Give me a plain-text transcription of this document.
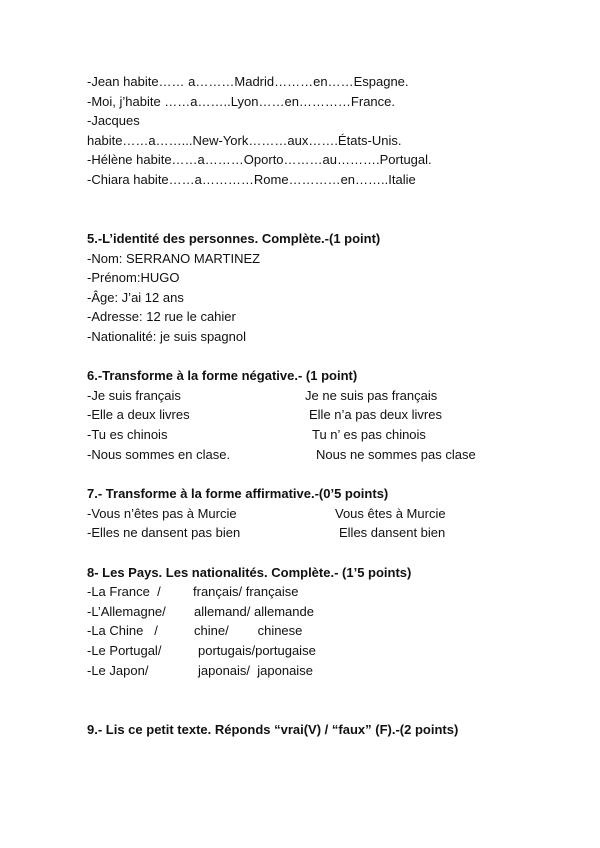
-Jean habite…… a………Madrid………en……Espagne.
-Moi, j’habite ……a……..Lyon……en…………France.
-Jacques
habite……a……...New-York………aux…….États-Unis.
-Hélène habite……a………Oporto………au……….Portugal.
-Chiara habite……a…………Rome…………en……..Italie
5.-L’identité des personnes. Complète.-(1 point)
-Nom: SERRANO MARTINEZ
-Prénom:HUGO
-Âge: J’ai 12 ans
-Adresse: 12 rue le cahier
-Nationalité: je suis spagnol
6.-Transforme à la forme négative.- (1 point)
-Je suis français	Je ne suis pas français
-Elle a deux livres	Elle n’a pas deux livres
-Tu es chinois	Tu n’ es pas chinois
-Nous sommes en clase.	Nous ne sommes pas clase
7.- Transforme à la forme affirmative.-(0’5 points)
-Vous n’êtes pas à Murcie	Vous êtes à Murcie
-Elles ne dansent pas bien	Elles dansent bien
8- Les Pays. Les nationalités. Complète.- (1’5 points)
-La France  / français/ française
-L’Allemagne/ allemand/ allemande
-La Chine   /	chine/        chinese
-Le Portugal/	portugais/portugaise
-Le Japon/	japonais/  japonaise
9.- Lis ce petit texte. Réponds “vrai(V) / “faux” (F).-(2 points)
